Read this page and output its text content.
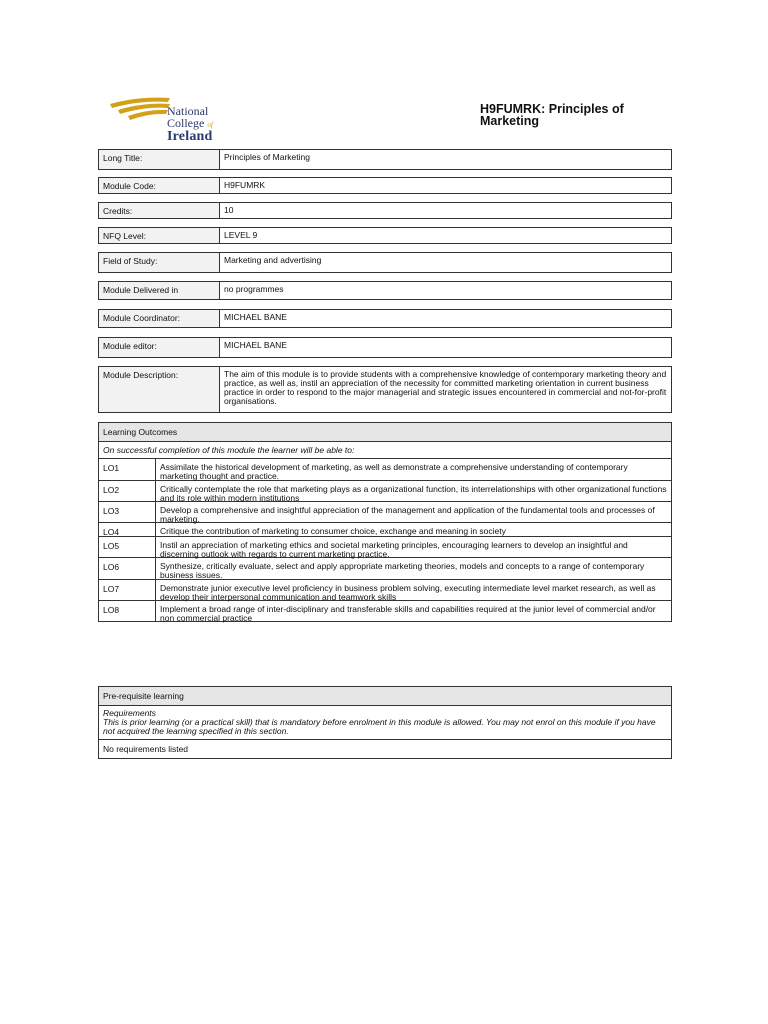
National
College of
Ireland
H9FUMRK: Principles of Marketing
Long Title:	Principles of Marketing
Module Code:	H9FUMRK
Credits:	10
NFQ Level:	LEVEL 9
Field of Study:	Marketing and advertising
Module Delivered in	no programmes
Module Coordinator:	MICHAEL BANE
Module editor:	MICHAEL BANE
Module Description:	The aim of this module is to provide students with a comprehensive knowledge of contemporary marketing theory and practice, as well as, instil an appreciation of the necessity for committed marketing orientation in current business practice in order to respond to the major managerial and strategic issues encountered in commercial and not-for-profit organisations.
Learning Outcomes
On successful completion of this module the learner will be able to:
LO1	Assimilate the historical development of marketing, as well as demonstrate a comprehensive understanding of contemporary marketing thought and practice.
LO2	Critically contemplate the role that marketing plays as a organizational function, its interrelationships with other organizational functions and its role within modern institutions
LO3	Develop a comprehensive and insightful appreciation of the management and application of the fundamental tools and processes of marketing.
LO4	Critique the contribution of marketing to consumer choice, exchange and meaning in society
LO5	Instil an appreciation of marketing ethics and societal marketing principles, encouraging learners to develop an insightful and discerning outlook with regards to current marketing practice.
LO6	Synthesize, critically evaluate, select and apply appropriate marketing theories, models and concepts to a range of contemporary business issues.
LO7	Demonstrate junior executive level proficiency in business problem solving, executing intermediate level market research, as well as develop their interpersonal communication and teamwork skills
LO8	Implement a broad range of inter-disciplinary and transferable skills and capabilities required at the junior level of commercial and/or non commercial practice
Pre-requisite learning
Requirements
This is prior learning (or a practical skill) that is mandatory before enrolment in this module is allowed. You may not enrol on this module if you have not acquired the learning specified in this section.
No requirements listed
